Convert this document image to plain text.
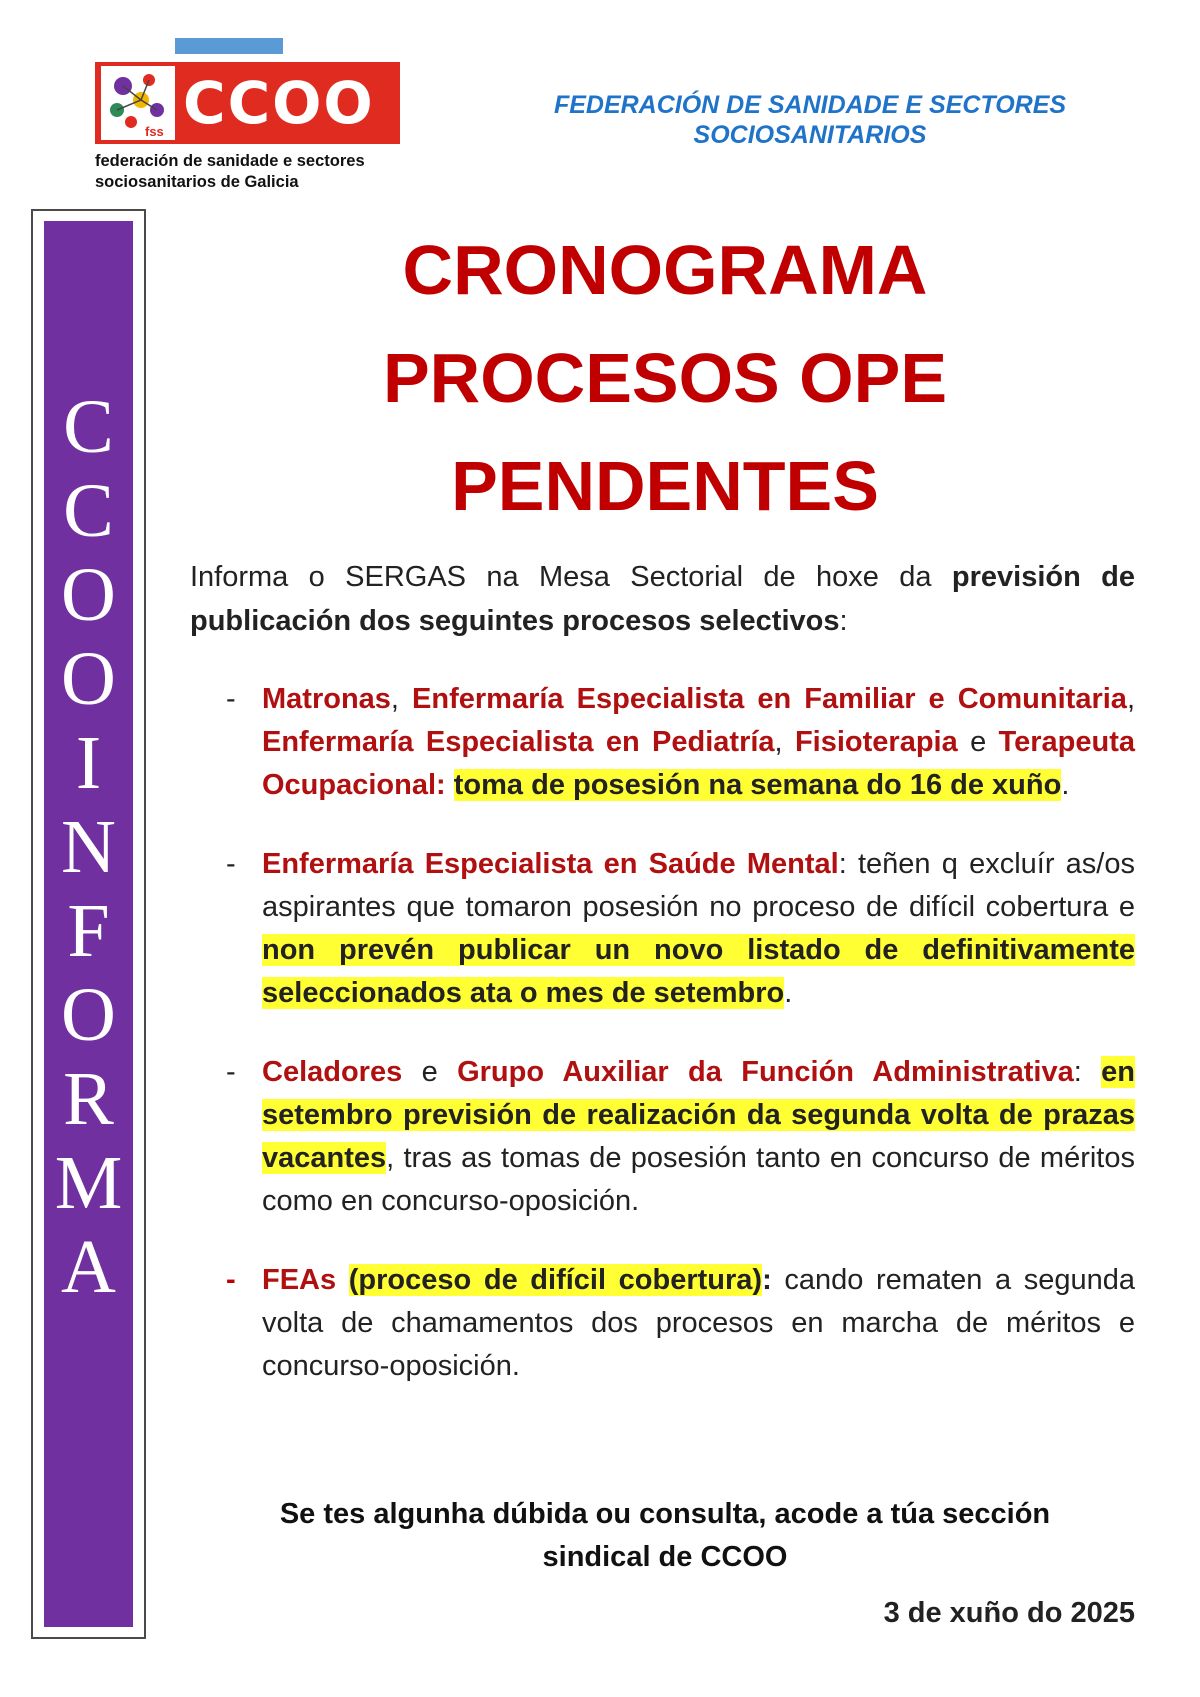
fss CCOO
federación de sanidade e sectores
sociosanitarios de Galicia
FEDERACIÓN DE SANIDADE E SECTORES
SOCIOSANITARIOS
C
C
O
O
I
N
F
O
R
M
A
CRONOGRAMA
PROCESOS OPE
PENDENTES
Informa o SERGAS na Mesa Sectorial de hoxe da previsión de publicación dos seguintes procesos selectivos:
- Matronas, Enfermaría Especialista en Familiar e Comunitaria, Enfermaría Especialista en Pediatría, Fisioterapia e Terapeuta Ocupacional: toma de posesión na semana do 16 de xuño.
- Enfermaría Especialista en Saúde Mental: teñen q excluír as/os aspirantes que tomaron posesión no proceso de difícil cobertura e non prevén publicar un novo listado de definitivamente seleccionados ata o mes de setembro.
- Celadores e Grupo Auxiliar da Función Administrativa: en setembro previsión de realización da segunda volta de prazas vacantes, tras as tomas de posesión tanto en concurso de méritos como en concurso-oposición.
- FEAs (proceso de difícil cobertura): cando rematen a segunda volta de chamamentos dos procesos en marcha de méritos e concurso-oposición.
Se tes algunha dúbida ou consulta, acode a túa sección
sindical de CCOO
3 de xuño do 2025
